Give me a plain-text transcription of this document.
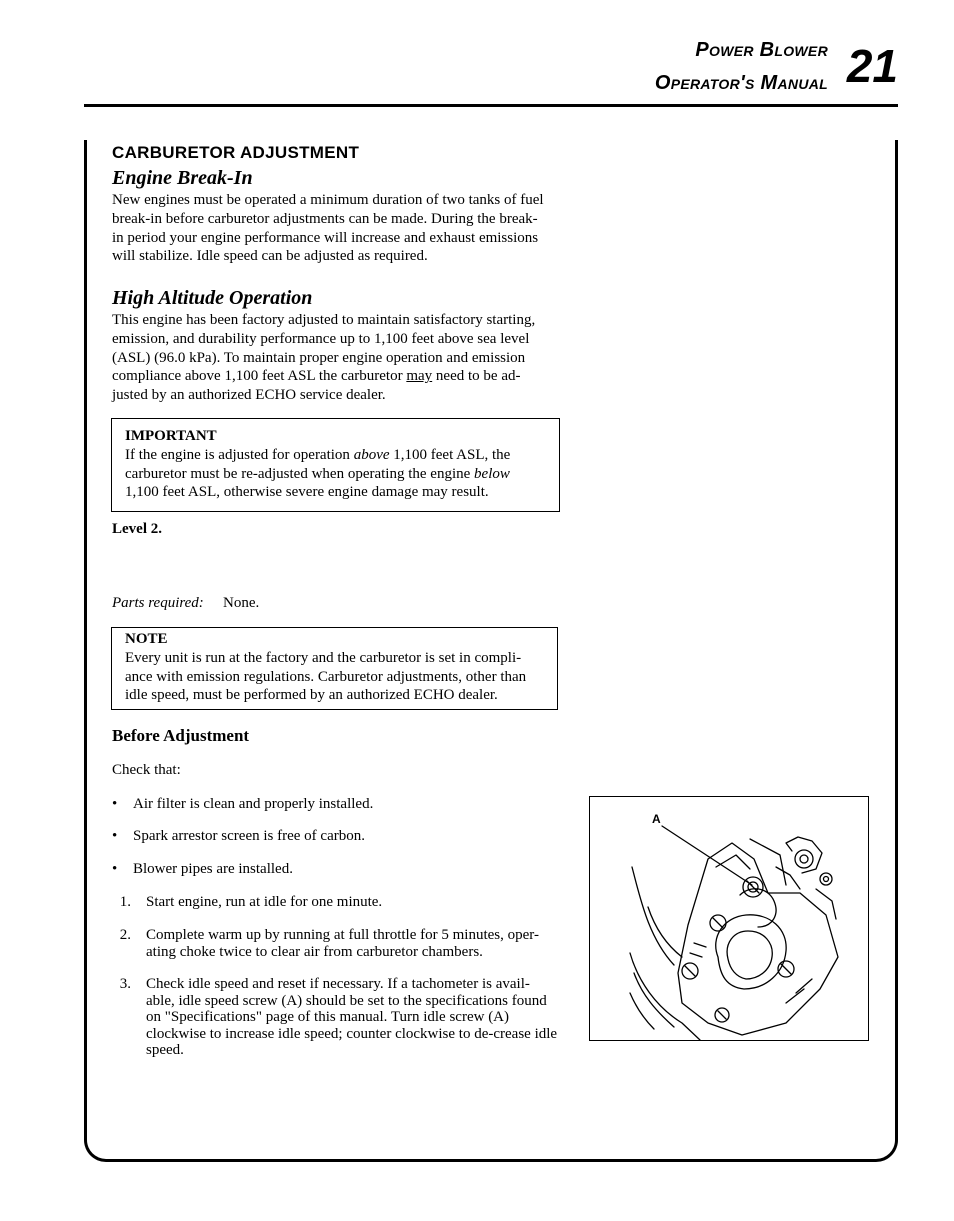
Power Blower
Operator's Manual 21
CARBURETOR ADJUSTMENT
Engine Break-In
New engines must be operated a minimum duration of two tanks of fuel
break-in before carburetor adjustments can be made. During the break-
in period your engine performance will increase and exhaust emissions
will stabilize. Idle speed can be adjusted as required.
High Altitude Operation
This engine has been factory adjusted to maintain satisfactory starting,
emission, and durability performance up to 1,100 feet above sea level
(ASL) (96.0 kPa). To maintain proper engine operation and emission
compliance above 1,100 feet ASL the carburetor may need to be ad-
justed by an authorized ECHO service dealer.
IMPORTANT
If the engine is adjusted for operation above 1,100 feet ASL, the
carburetor must be re-adjusted when operating the engine below
1,100 feet ASL, otherwise severe engine damage may result.
Level 2.
Parts required: None.
NOTE
Every unit is run at the factory and the carburetor is set in compli-
ance with emission regulations. Carburetor adjustments, other than
idle speed, must be performed by an authorized ECHO dealer.
Before Adjustment
Check that:
• Air filter is clean and properly installed.
• Spark arrestor screen is free of carbon.
• Blower pipes are installed.
1. Start engine, run at idle for one minute.
2. Complete warm up by running at full throttle for 5 minutes, oper-ating choke twice to clear air from carburetor chambers.
3. Check idle speed and reset if necessary. If a tachometer is avail-able, idle speed screw (A) should be set to the specifications found on "Specifications" page of this manual. Turn idle screw (A) clockwise to increase idle speed; counter clockwise to de-crease idle speed.
A
